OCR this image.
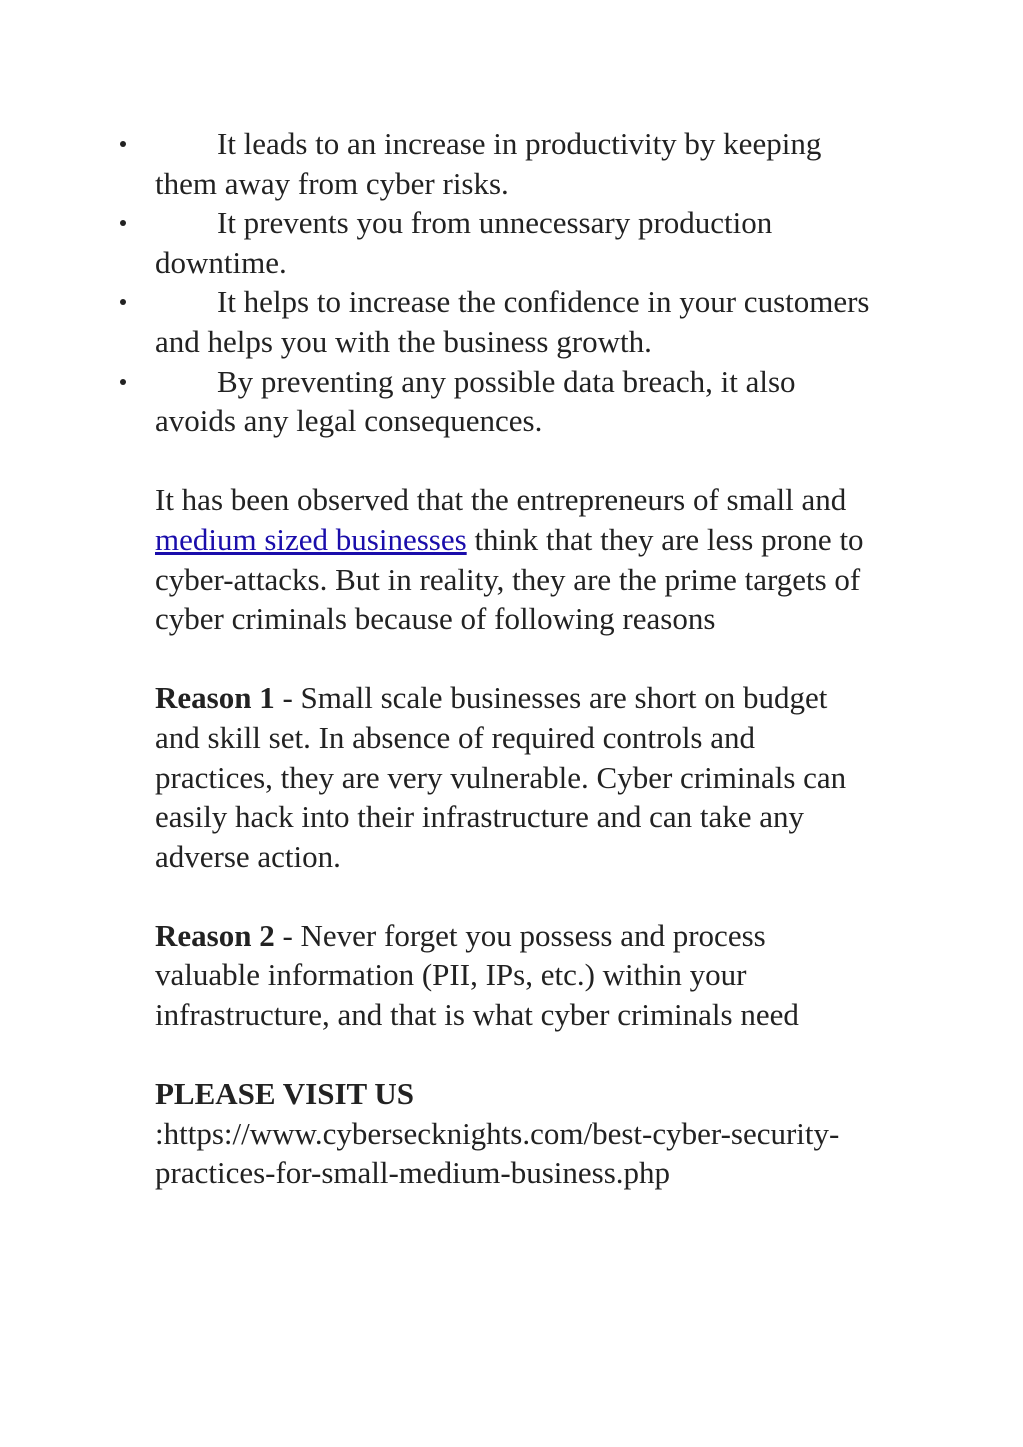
It leads to an increase in productivity by keeping them away from cyber risks.
It prevents you from unnecessary production downtime.
It helps to increase the confidence in your customers and helps you with the business growth.
By preventing any possible data breach, it also avoids any legal consequences.

It has been observed that the entrepreneurs of small and medium sized businesses think that they are less prone to cyber-attacks. But in reality, they are the prime targets of cyber criminals because of following reasons

Reason 1 - Small scale businesses are short on budget and skill set. In absence of required controls and practices, they are very vulnerable. Cyber criminals can easily hack into their infrastructure and can take any adverse action.

Reason 2 - Never forget you possess and process valuable information (PII, IPs, etc.) within your infrastructure, and that is what cyber criminals need

PLEASE VISIT US :https://www.cybersecknights.com/best-cyber-security-practices-for-small-medium-business.php
